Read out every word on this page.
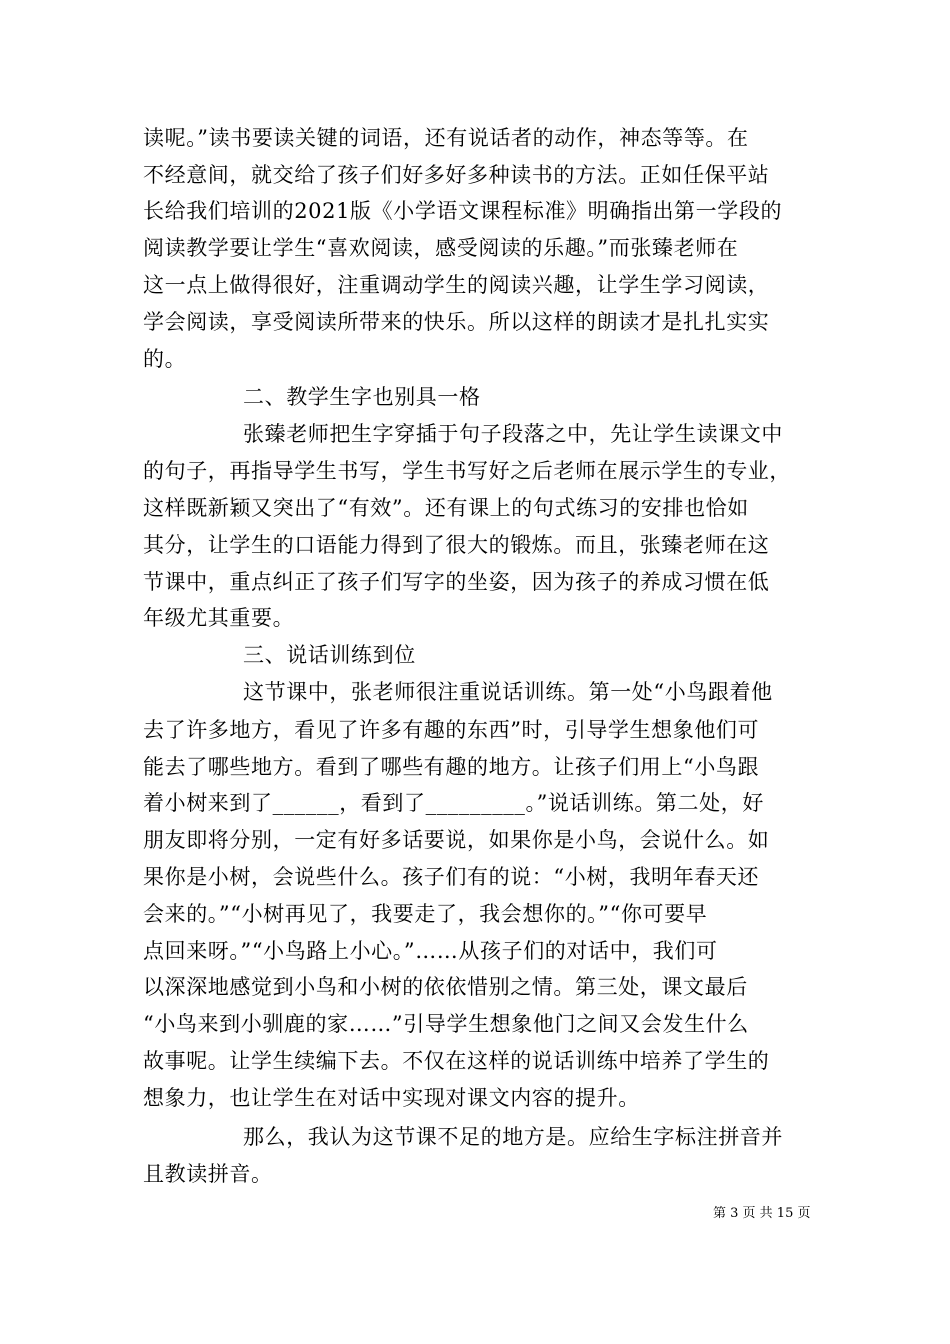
读呢。”读书要读关键的词语，还有说话者的动作，神态等等。在
不经意间，就交给了孩子们好多好多种读书的方法。正如任保平站
长给我们培训的2021版《小学语文课程标准》明确指出第一学段的
阅读教学要让学生“喜欢阅读，感受阅读的乐趣。”而张臻老师在
这一点上做得很好，注重调动学生的阅读兴趣，让学生学习阅读，
学会阅读，享受阅读所带来的快乐。所以这样的朗读才是扎扎实实
的。
二、教学生字也别具一格
张臻老师把生字穿插于句子段落之中，先让学生读课文中
的句子，再指导学生书写，学生书写好之后老师在展示学生的专业，
这样既新颖又突出了“有效”。还有课上的句式练习的安排也恰如
其分，让学生的口语能力得到了很大的锻炼。而且，张臻老师在这
节课中，重点纠正了孩子们写字的坐姿，因为孩子的养成习惯在低
年级尤其重要。
三、说话训练到位
这节课中，张老师很注重说话训练。第一处“小鸟跟着他
去了许多地方，看见了许多有趣的东西”时，引导学生想象他们可
能去了哪些地方。看到了哪些有趣的地方。让孩子们用上“小鸟跟
着小树来到了______，看到了_________。”说话训练。第二处，好
朋友即将分别，一定有好多话要说，如果你是小鸟，会说什么。如
果你是小树，会说些什么。孩子们有的说：“小树，我明年春天还
会来的。”“小树再见了，我要走了，我会想你的。”“你可要早
点回来呀。”“小鸟路上小心。”……从孩子们的对话中，我们可
以深深地感觉到小鸟和小树的依依惜别之情。第三处，课文最后
“小鸟来到小驯鹿的家……”引导学生想象他门之间又会发生什么
故事呢。让学生续编下去。不仅在这样的说话训练中培养了学生的
想象力，也让学生在对话中实现对课文内容的提升。
那么，我认为这节课不足的地方是。应给生字标注拼音并
且教读拼音。
第 3 页 共 15 页
